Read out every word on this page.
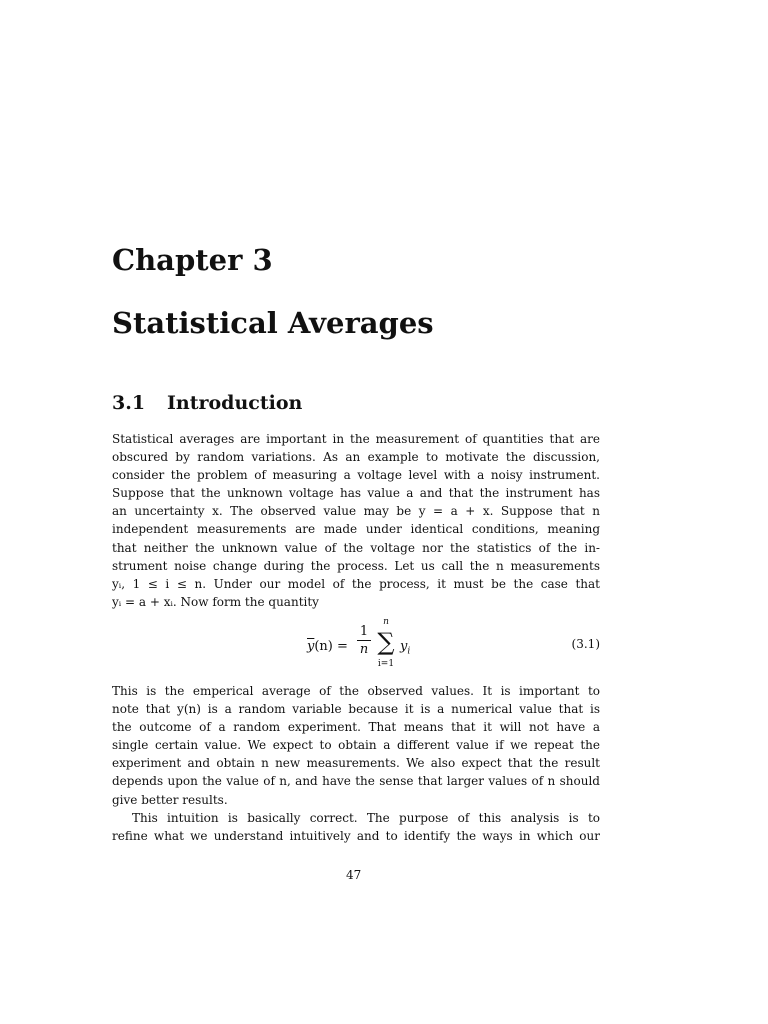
Chapter 3
Statistical Averages
3.1 Introduction
Statistical averages are important in the measurement of quantities that are
obscured by random variations. As an example to motivate the discussion,
consider the problem of measuring a voltage level with a noisy instrument.
Suppose that the unknown voltage has value a and that the instrument has
an uncertainty x. The observed value may be y = a + x. Suppose that n
independent measurements are made under identical conditions, meaning
that neither the unknown value of the voltage nor the statistics of the in-
strument noise change during the process. Let us call the n measurements
yᵢ, 1 ≤ i ≤ n. Under our model of the process, it must be the case that
yᵢ = a + xᵢ. Now form the quantity
$\overline{y}(n)$ =
1
n
n
∑
i=1
$y_i$
(3.1)
This is the emperical average of the observed values. It is important to
note that y(n) is a random variable because it is a numerical value that is
the outcome of a random experiment. That means that it will not have a
single certain value. We expect to obtain a different value if we repeat the
experiment and obtain n new measurements. We also expect that the result
depends upon the value of n, and have the sense that larger values of n should
give better results.
This intuition is basically correct. The purpose of this analysis is to
refine what we understand intuitively and to identify the ways in which our
47
